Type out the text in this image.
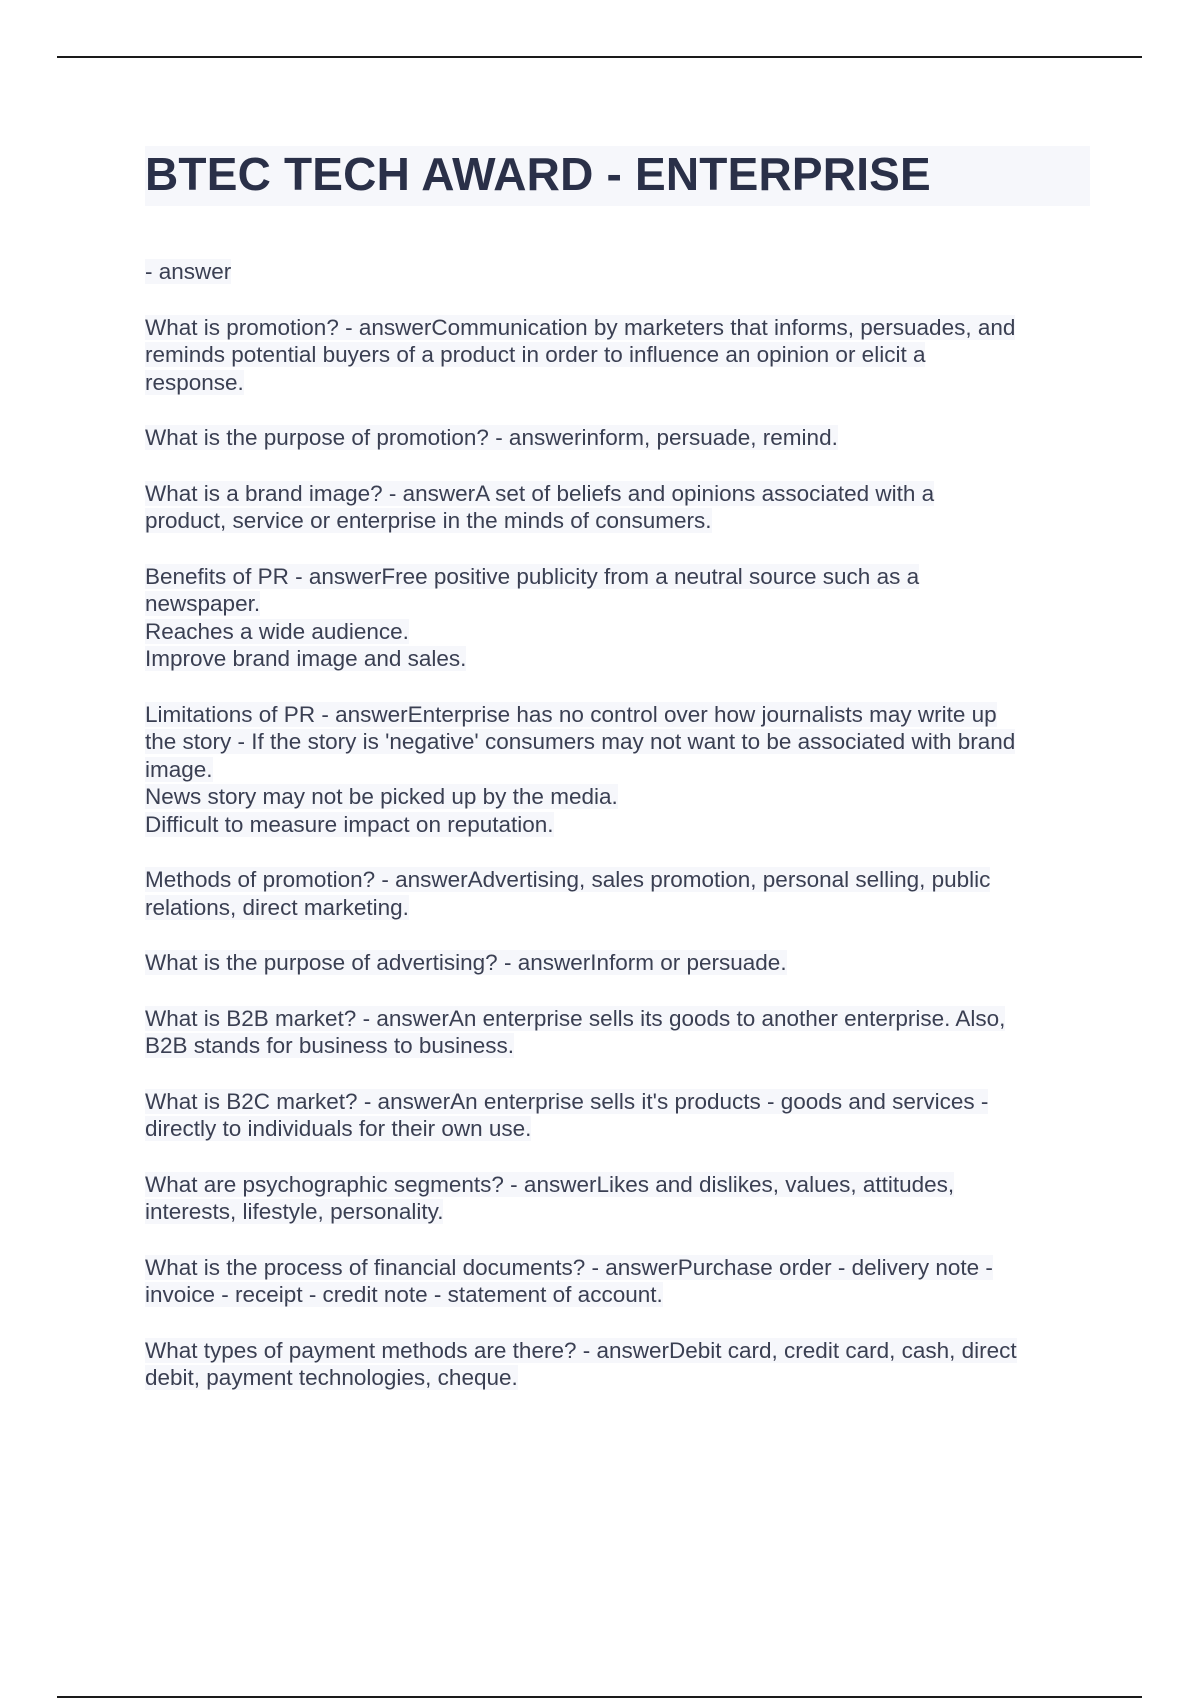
BTEC TECH AWARD - ENTERPRISE

- answer

What is promotion? - answerCommunication by marketers that informs, persuades, and
reminds potential buyers of a product in order to influence an opinion or elicit a
response.

What is the purpose of promotion? - answerinform, persuade, remind.

What is a brand image? - answerA set of beliefs and opinions associated with a
product, service or enterprise in the minds of consumers.

Benefits of PR - answerFree positive publicity from a neutral source such as a
newspaper.
Reaches a wide audience.
Improve brand image and sales.

Limitations of PR - answerEnterprise has no control over how journalists may write up
the story - If the story is 'negative' consumers may not want to be associated with brand
image.
News story may not be picked up by the media.
Difficult to measure impact on reputation.

Methods of promotion? - answerAdvertising, sales promotion, personal selling, public
relations, direct marketing.

What is the purpose of advertising? - answerInform or persuade.

What is B2B market? - answerAn enterprise sells its goods to another enterprise. Also,
B2B stands for business to business.

What is B2C market? - answerAn enterprise sells it's products - goods and services -
directly to individuals for their own use.

What are psychographic segments? - answerLikes and dislikes, values, attitudes,
interests, lifestyle, personality.

What is the process of financial documents? - answerPurchase order - delivery note -
invoice - receipt - credit note - statement of account.

What types of payment methods are there? - answerDebit card, credit card, cash, direct
debit, payment technologies, cheque.
